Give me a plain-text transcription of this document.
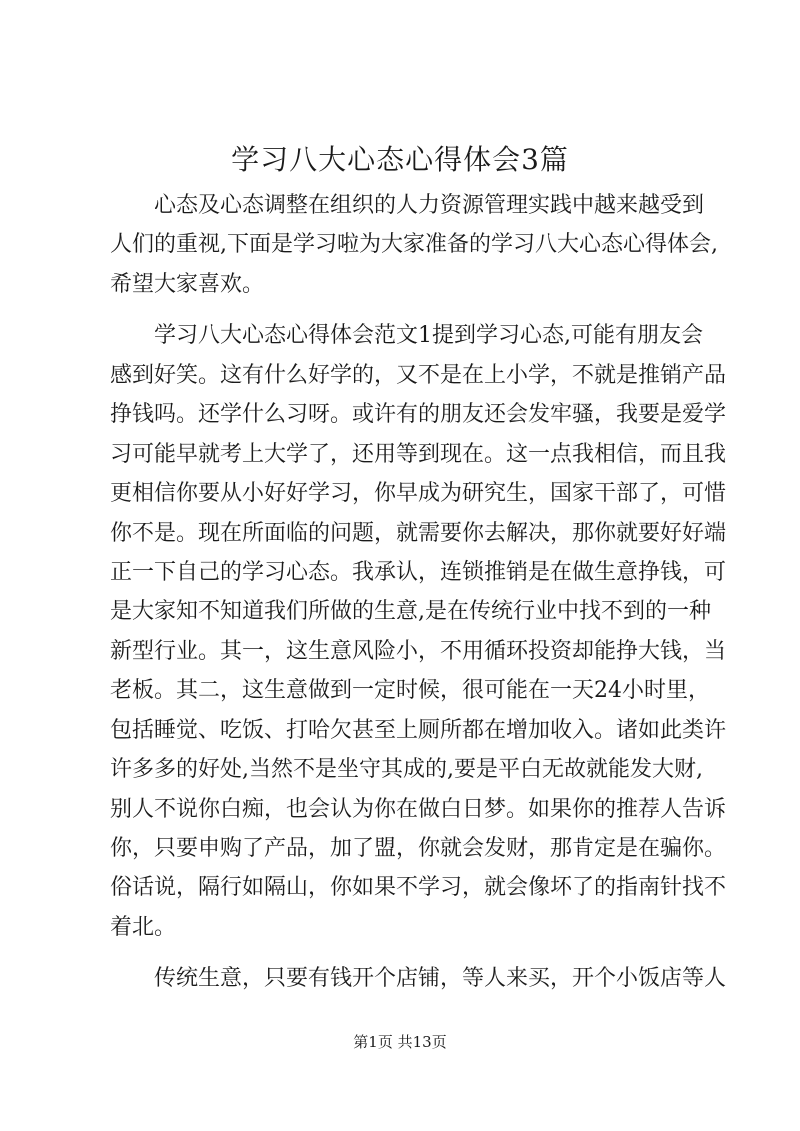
学习八大心态心得体会3篇
心态及心态调整在组织的人力资源管理实践中越来越受到
人们的重视,下面是学习啦为大家准备的学习八大心态心得体会,
希望大家喜欢。
学习八大心态心得体会范文1提到学习心态,可能有朋友会
感到好笑。这有什么好学的，又不是在上小学，不就是推销产品
挣钱吗。还学什么习呀。或许有的朋友还会发牢骚，我要是爱学
习可能早就考上大学了，还用等到现在。这一点我相信，而且我
更相信你要从小好好学习，你早成为研究生，国家干部了，可惜
你不是。现在所面临的问题，就需要你去解决，那你就要好好端
正一下自己的学习心态。我承认，连锁推销是在做生意挣钱，可
是大家知不知道我们所做的生意,是在传统行业中找不到的一种
新型行业。其一，这生意风险小，不用循环投资却能挣大钱，当
老板。其二，这生意做到一定时候，很可能在一天24小时里，
包括睡觉、吃饭、打哈欠甚至上厕所都在增加收入。诸如此类许
许多多的好处,当然不是坐守其成的,要是平白无故就能发大财,
别人不说你白痴，也会认为你在做白日梦。如果你的推荐人告诉
你，只要申购了产品，加了盟，你就会发财，那肯定是在骗你。
俗话说，隔行如隔山，你如果不学习，就会像坏了的指南针找不
着北。
传统生意，只要有钱开个店铺，等人来买，开个小饭店等人
第1页 共13页
